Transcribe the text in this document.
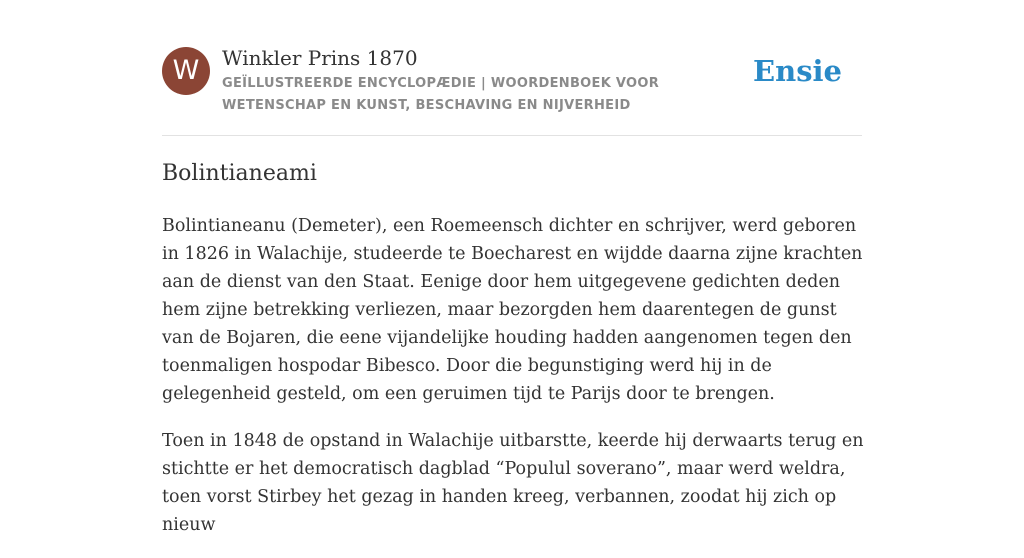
W	Winkler Prins 1870
GEÏLLUSTREERDE ENCYCLOPÆDIE | WOORDENBOEK VOOR WETENSCHAP EN KUNST, BESCHAVING EN NIJVERHEID
Ensie
Bolintianeami

Bolintianeanu (Demeter), een Roemeensch dichter en schrijver, werd geboren in 1826 in Walachije, studeerde te Boecharest en wijdde daarna zijne krachten aan de dienst van den Staat. Eenige door hem uitgegevene gedichten deden hem zijne betrekking verliezen, maar bezorgden hem daarentegen de gunst van de Bojaren, die eene vijandelijke houding hadden aangenomen tegen den toenmaligen hospodar Bibesco. Door die begunstiging werd hij in de gelegenheid gesteld, om een geruimen tijd te Parijs door te brengen.

Toen in 1848 de opstand in Walachije uitbarstte, keerde hij derwaarts terug en stichtte er het democratisch dagblad “Populul soverano”, maar werd weldra, toen vorst Stirbey het gezag in handen kreeg, verbannen, zoodat hij zich op nieuw
